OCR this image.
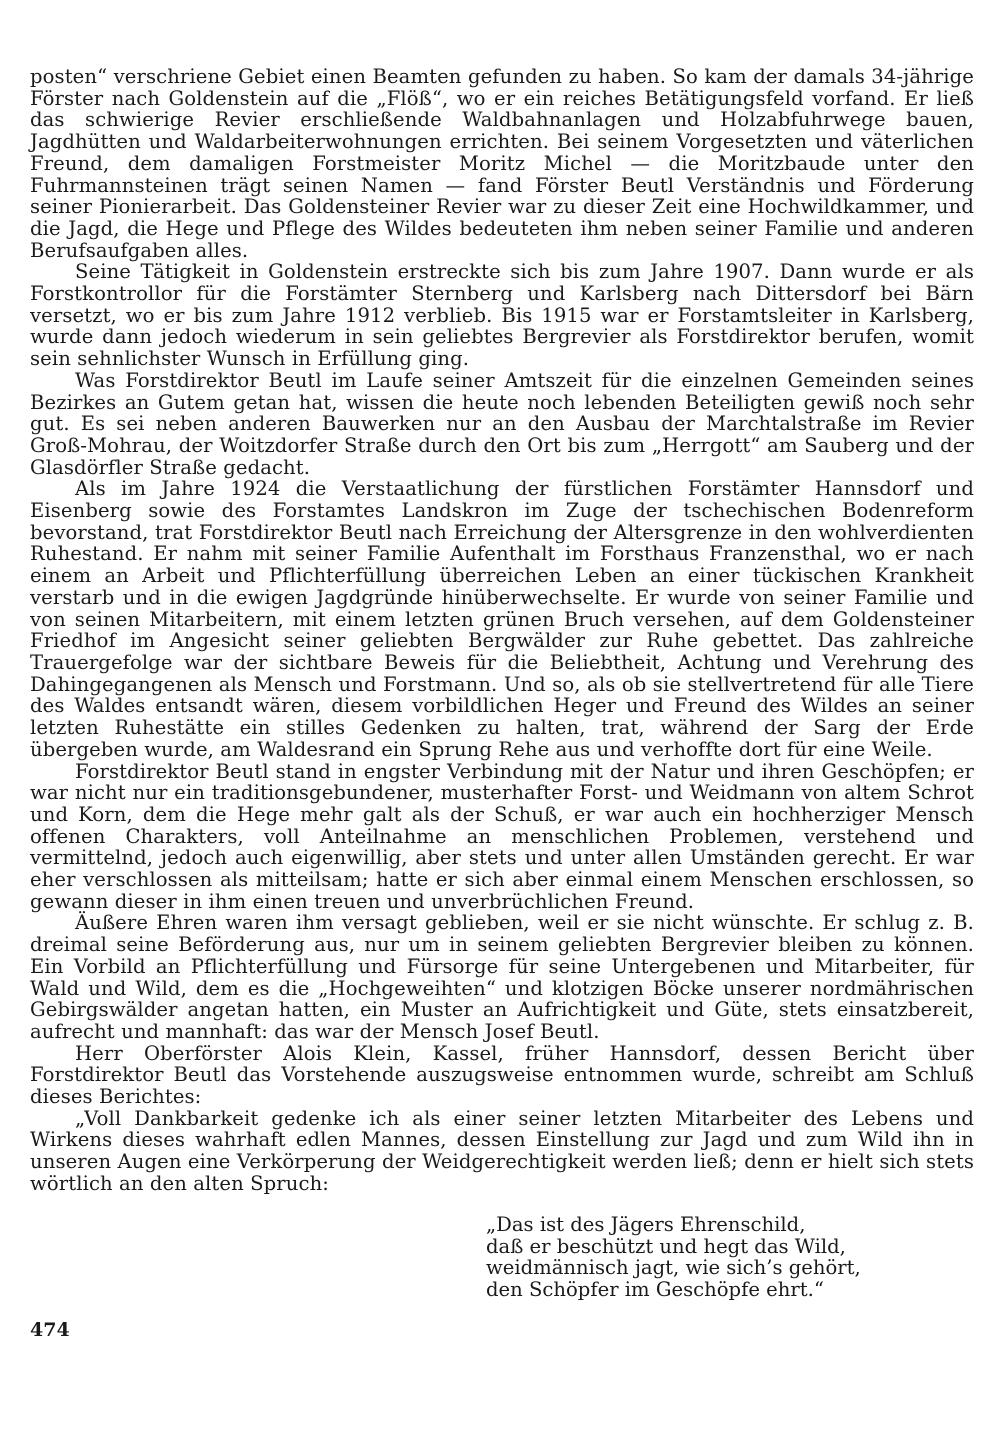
posten“ verschriene Gebiet einen Beamten gefunden zu haben. So kam der damals 34-jährige Förster nach Goldenstein auf die „Flöß“, wo er ein reiches Betätigungsfeld vorfand. Er ließ das schwierige Revier erschließende Waldbahnanlagen und Holzabfuhrwege bauen, Jagdhütten und Waldarbeiterwohnungen errichten. Bei seinem Vorgesetzten und väterlichen Freund, dem damaligen Forstmeister Moritz Michel — die Moritzbaude unter den Fuhrmannsteinen trägt seinen Namen — fand Förster Beutl Verständnis und Förderung seiner Pionierarbeit. Das Goldensteiner Revier war zu dieser Zeit eine Hochwildkammer, und die Jagd, die Hege und Pflege des Wildes bedeuteten ihm neben seiner Familie und anderen Berufsaufgaben alles.

Seine Tätigkeit in Goldenstein erstreckte sich bis zum Jahre 1907. Dann wurde er als Forstkontrollor für die Forstämter Sternberg und Karlsberg nach Dittersdorf bei Bärn versetzt, wo er bis zum Jahre 1912 verblieb. Bis 1915 war er Forstamtsleiter in Karlsberg, wurde dann jedoch wiederum in sein geliebtes Bergrevier als Forstdirektor berufen, womit sein sehnlichster Wunsch in Erfüllung ging.

Was Forstdirektor Beutl im Laufe seiner Amtszeit für die einzelnen Gemeinden seines Bezirkes an Gutem getan hat, wissen die heute noch lebenden Beteiligten gewiß noch sehr gut. Es sei neben anderen Bauwerken nur an den Ausbau der Marchtalstraße im Revier Groß-Mohrau, der Woitzdorfer Straße durch den Ort bis zum „Herrgott“ am Sauberg und der Glasdörfler Straße gedacht.

Als im Jahre 1924 die Verstaatlichung der fürstlichen Forstämter Hannsdorf und Eisenberg sowie des Forstamtes Landskron im Zuge der tschechischen Bodenreform bevorstand, trat Forstdirektor Beutl nach Erreichung der Altersgrenze in den wohlverdienten Ruhestand. Er nahm mit seiner Familie Aufenthalt im Forsthaus Franzensthal, wo er nach einem an Arbeit und Pflichterfüllung überreichen Leben an einer tückischen Krankheit verstarb und in die ewigen Jagdgründe hinüberwechselte. Er wurde von seiner Familie und von seinen Mitarbeitern, mit einem letzten grünen Bruch versehen, auf dem Goldensteiner Friedhof im Angesicht seiner geliebten Bergwälder zur Ruhe gebettet. Das zahlreiche Trauergefolge war der sichtbare Beweis für die Beliebtheit, Achtung und Verehrung des Dahingegangenen als Mensch und Forstmann. Und so, als ob sie stellvertretend für alle Tiere des Waldes entsandt wären, diesem vorbildlichen Heger und Freund des Wildes an seiner letzten Ruhestätte ein stilles Gedenken zu halten, trat, während der Sarg der Erde übergeben wurde, am Waldesrand ein Sprung Rehe aus und verhoffte dort für eine Weile.

Forstdirektor Beutl stand in engster Verbindung mit der Natur und ihren Geschöpfen; er war nicht nur ein traditionsgebundener, musterhafter Forst- und Weidmann von altem Schrot und Korn, dem die Hege mehr galt als der Schuß, er war auch ein hochherziger Mensch offenen Charakters, voll Anteilnahme an menschlichen Problemen, verstehend und vermittelnd, jedoch auch eigenwillig, aber stets und unter allen Umständen gerecht. Er war eher verschlossen als mitteilsam; hatte er sich aber einmal einem Menschen erschlossen, so gewann dieser in ihm einen treuen und unverbrüchlichen Freund.

Äußere Ehren waren ihm versagt geblieben, weil er sie nicht wünschte. Er schlug z. B. dreimal seine Beförderung aus, nur um in seinem geliebten Bergrevier bleiben zu können. Ein Vorbild an Pflichterfüllung und Fürsorge für seine Untergebenen und Mitarbeiter, für Wald und Wild, dem es die „Hochgeweihten“ und klotzigen Böcke unserer nordmährischen Gebirgswälder angetan hatten, ein Muster an Aufrichtigkeit und Güte, stets einsatzbereit, aufrecht und mannhaft: das war der Mensch Josef Beutl.

Herr Oberförster Alois Klein, Kassel, früher Hannsdorf, dessen Bericht über Forstdirektor Beutl das Vorstehende auszugsweise entnommen wurde, schreibt am Schluß dieses Berichtes:

„Voll Dankbarkeit gedenke ich als einer seiner letzten Mitarbeiter des Lebens und Wirkens dieses wahrhaft edlen Mannes, dessen Einstellung zur Jagd und zum Wild ihn in unseren Augen eine Verkörperung der Weidgerechtigkeit werden ließ; denn er hielt sich stets wörtlich an den alten Spruch:

„Das ist des Jägers Ehrenschild,
daß er beschützt und hegt das Wild,
weidmännisch jagt, wie sich’s gehört,
den Schöpfer im Geschöpfe ehrt.“
474
